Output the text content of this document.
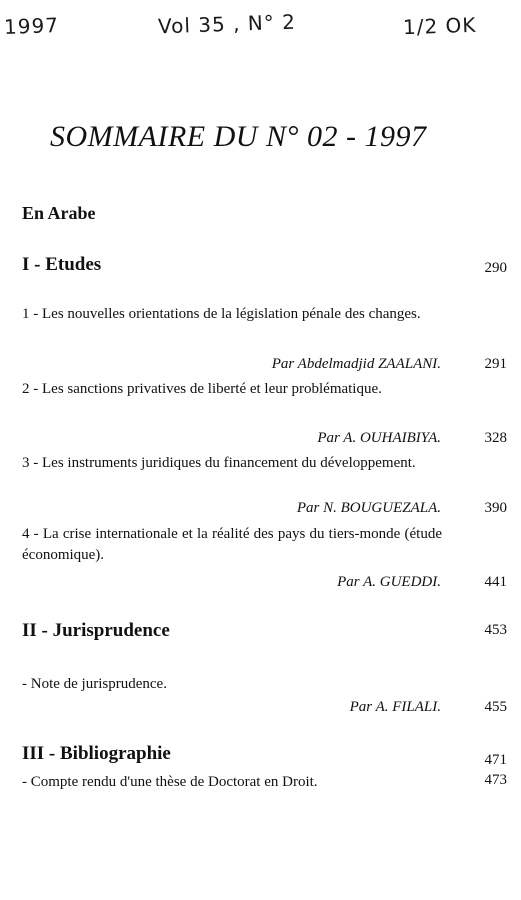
1997	Vol 35 , N° 2	1/2 OK
SOMMAIRE DU N° 02 - 1997
En Arabe
I - Etudes	290
1 - Les nouvelles orientations de la législation pénale des changes.
Par Abdelmadjid ZAALANI.	291
2 - Les sanctions privatives de liberté et leur problématique.
Par A. OUHAIBIYA.	328
3 - Les instruments juridiques du financement du développement.
Par N. BOUGUEZALA.	390
4 - La crise internationale et la réalité des pays du tiers-monde (étude économique).
Par A. GUEDDI.	441
II - Jurisprudence	453
- Note de jurisprudence.
Par A. FILALI.	455
III - Bibliographie	471
- Compte rendu d'une thèse de Doctorat en Droit.	473
